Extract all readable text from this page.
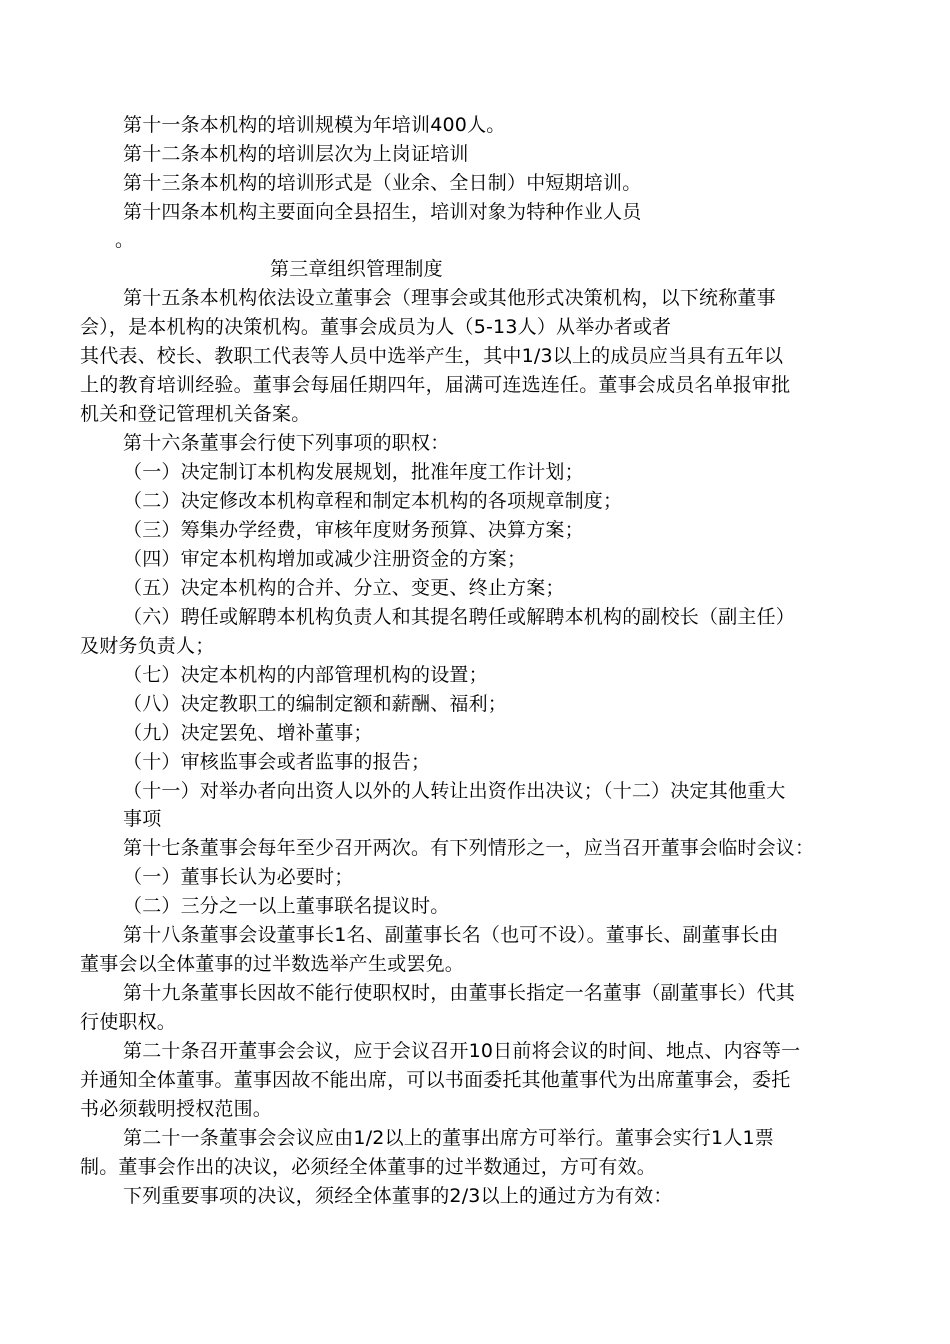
第十一条本机构的培训规模为年培训400人。
第十二条本机构的培训层次为上岗证培训
第十三条本机构的培训形式是（业余、全日制）中短期培训。
第十四条本机构主要面向全县招生，培训对象为特种作业人员
。
第三章组织管理制度
第十五条本机构依法设立董事会（理事会或其他形式决策机构，以下统称董事
会），是本机构的决策机构。董事会成员为人（5-13人）从举办者或者
其代表、校长、教职工代表等人员中选举产生，其中1/3以上的成员应当具有五年以
上的教育培训经验。董事会每届任期四年，届满可连选连任。董事会成员名单报审批
机关和登记管理机关备案。
第十六条董事会行使下列事项的职权：
（一）决定制订本机构发展规划，批准年度工作计划；
（二）决定修改本机构章程和制定本机构的各项规章制度；
（三）筹集办学经费，审核年度财务预算、决算方案；
（四）审定本机构增加或减少注册资金的方案；
（五）决定本机构的合并、分立、变更、终止方案；
（六）聘任或解聘本机构负责人和其提名聘任或解聘本机构的副校长（副主任）
及财务负责人；
（七）决定本机构的内部管理机构的设置；
（八）决定教职工的编制定额和薪酬、福利；
（九）决定罢免、增补董事；
（十）审核监事会或者监事的报告；
（十一）对举办者向出资人以外的人转让出资作出决议；（十二）决定其他重大
事项
第十七条董事会每年至少召开两次。有下列情形之一，应当召开董事会临时会议：
（一）董事长认为必要时；
（二）三分之一以上董事联名提议时。
第十八条董事会设董事长1名、副董事长名（也可不设）。董事长、副董事长由
董事会以全体董事的过半数选举产生或罢免。
第十九条董事长因故不能行使职权时，由董事长指定一名董事（副董事长）代其
行使职权。
第二十条召开董事会会议，应于会议召开10日前将会议的时间、地点、内容等一
并通知全体董事。董事因故不能出席，可以书面委托其他董事代为出席董事会，委托
书必须载明授权范围。
第二十一条董事会会议应由1/2以上的董事出席方可举行。董事会实行1人1票
制。董事会作出的决议，必须经全体董事的过半数通过，方可有效。
下列重要事项的决议，须经全体董事的2/3以上的通过方为有效：
